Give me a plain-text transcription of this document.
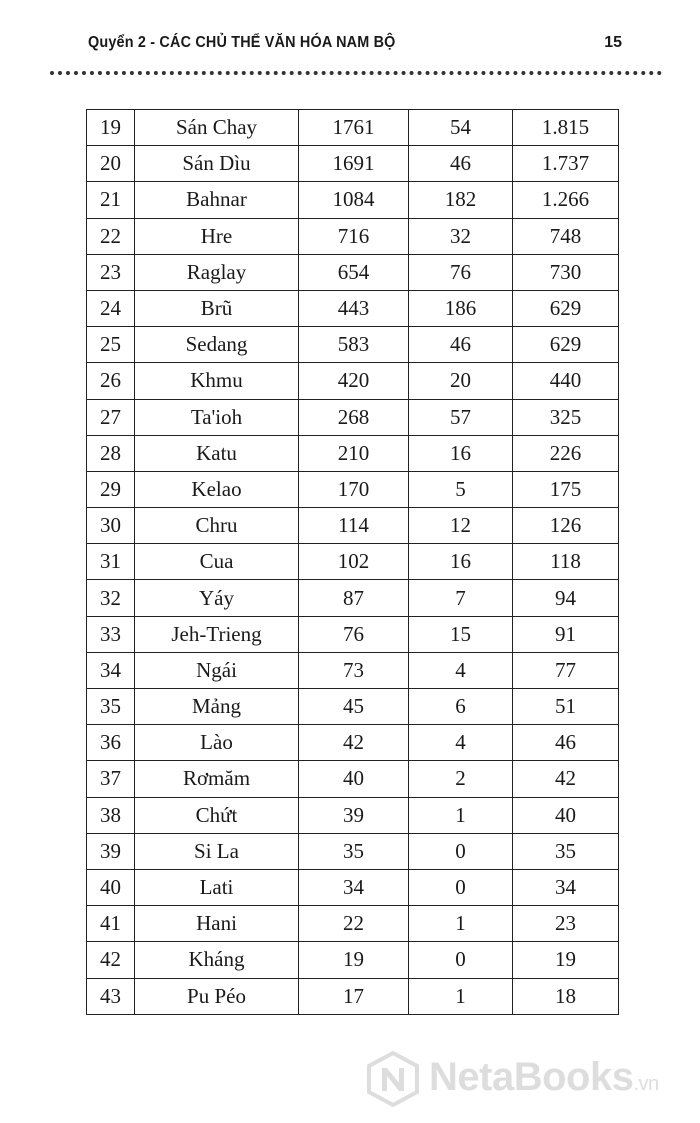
Quyển 2 - CÁC CHỦ THỂ VĂN HÓA NAM BỘ	15
19	Sán Chay	1761	54	1.815
20	Sán Dìu	1691	46	1.737
21	Bahnar	1084	182	1.266
22	Hre	716	32	748
23	Raglay	654	76	730
24	Brũ	443	186	629
25	Sedang	583	46	629
26	Khmu	420	20	440
27	Ta'ioh	268	57	325
28	Katu	210	16	226
29	Kelao	170	5	175
30	Chru	114	12	126
31	Cua	102	16	118
32	Yáy	87	7	94
33	Jeh-Trieng	76	15	91
34	Ngái	73	4	77
35	Mảng	45	6	51
36	Lào	42	4	46
37	Rơmăm	40	2	42
38	Chứt	39	1	40
39	Si La	35	0	35
40	Lati	34	0	34
41	Hani	22	1	23
42	Kháng	19	0	19
43	Pu Péo	17	1	18
NetaBooks.vn
